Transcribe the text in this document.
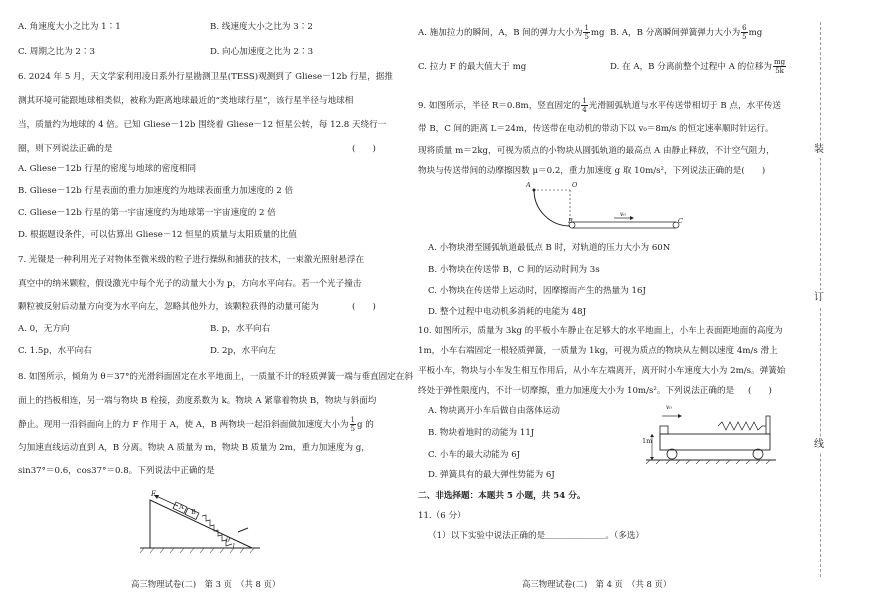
A. 角速度大小之比为 1∶1	B. 线速度大小之比为 3∶2
C. 周期之比为 2∶3	D. 向心加速度之比为 2∶3
6. 2024 年 5 月，天文学家利用凌日系外行星勘测卫星(TESS)观测到了 Gliese－12b 行星，据推
测其环境可能跟地球相类似，被称为距离地球最近的“类地球行星”，该行星半径与地球相
当，质量约为地球的 4 倍。已知 Gliese－12b 围绕着 Gliese－12 恒星公转，每 12.8 天绕行一
圈，则下列说法正确的是	(　　)
A. Gliese－12b 行星的密度与地球的密度相同
B. Gliese－12b 行星表面的重力加速度约为地球表面重力加速度的 2 倍
C. Gliese－12b 行星的第一宇宙速度约为地球第一宇宙速度的 2 倍
D. 根据题设条件，可以估算出 Gliese－12 恒星的质量与太阳质量的比值
7. 光镊是一种利用光子对物体至微米级的粒子进行操纵和捕获的技术，一束激光照射悬浮在
真空中的纳米颗粒，假设激光中每个光子的动量大小为 p，方向水平向右。若一个光子撞击
颗粒被反射后动量方向变为水平向左，忽略其他外力，该颗粒获得的动量可能为	(　　)
A. 0，无方向	B. p，水平向右
C. 1.5p，水平向右	D. 2p，水平向左
8. 如图所示，倾角为 θ＝37°的光滑斜面固定在水平地面上，一质量不计的轻质弹簧一端与垂直固定在斜
面上的挡板相连，另一端与物块 B 栓接，劲度系数为 k。物块 A 紧靠着物块 B，物块与斜面均
静止。现用一沿斜面向上的力 F 作用于 A，使 A，B 两物块一起沿斜面做加速度大小为 $\frac{1}{5}$ g 的
匀加速直线运动直到 A，B 分离。物块 A 质量为 m，物块 B 质量为 2m，重力加速度为 g，
sin37°＝0.6，cos37°＝0.8。下列说法中正确的是
F
A
B
θ
高三物理试卷(二)　第 3 页　（共 8 页）
A. 施加拉力的瞬间，A，B 间的弹力大小为 $\frac{1}{5}$ mg B. A，B 分离瞬间弹簧弹力大小为 $\frac{6}{5}$ mg
C. 拉力 F 的最大值大于 mg	D. 在 A，B 分离前整个过程中 A 的位移为 $\frac{mg}{5k}$
9. 如图所示，半径 R＝0.8m，竖直固定的 $\frac{1}{4}$ 光滑圆弧轨道与水平传送带相切于 B 点，水平传送
带 B，C 间的距离 L＝24m，传送带在电动机的带动下以 v₀＝8m/s 的恒定速率顺时针运行。
现将质量 m＝2kg，可视为质点的小物块从圆弧轨道的最高点 A 由静止释放，不计空气阻力，
物块与传送带间的动摩擦因数 μ＝0.2，重力加速度 g 取 10m/s²，下列说法正确的是(　　)
A	O
B	C
v₀
A. 小物块滑至圆弧轨道最低点 B 时，对轨道的压力大小为 60N
B. 小物块在传送带 B，C 间的运动时间为 3s
C. 小物块在传送带上运动时，因摩擦而产生的热量为 16J
D. 整个过程中电动机多消耗的电能为 48J
10. 如图所示，质量为 3kg 的平板小车静止在足够大的水平地面上，小车上表面距地面的高度为
1m，小车右端固定一根轻质弹簧，一质量为 1kg，可视为质点的物块从左侧以速度 4m/s 滑上
平板小车，物块与小车发生相互作用后，从小车左端离开，离开时小车速度大小为 2m/s。弹簧始
终处于弹性限度内，不计一切摩擦，重力加速度大小为 10m/s²。下列说法正确的是 (　　)
A. 物块离开小车后做自由落体运动
B. 物块着地时的动能为 11J
C. 小车的最大动能为 6J
D. 弹簧具有的最大弹性势能为 6J
v₀
1m
二、非选择题：本题共 5 小题，共 54 分。
11.（6 分）
（1）以下实验中说法正确的是＿＿＿＿＿＿＿。（多选）
高三物理试卷(二)　第 4 页　（共 8 页）
装
订
线
